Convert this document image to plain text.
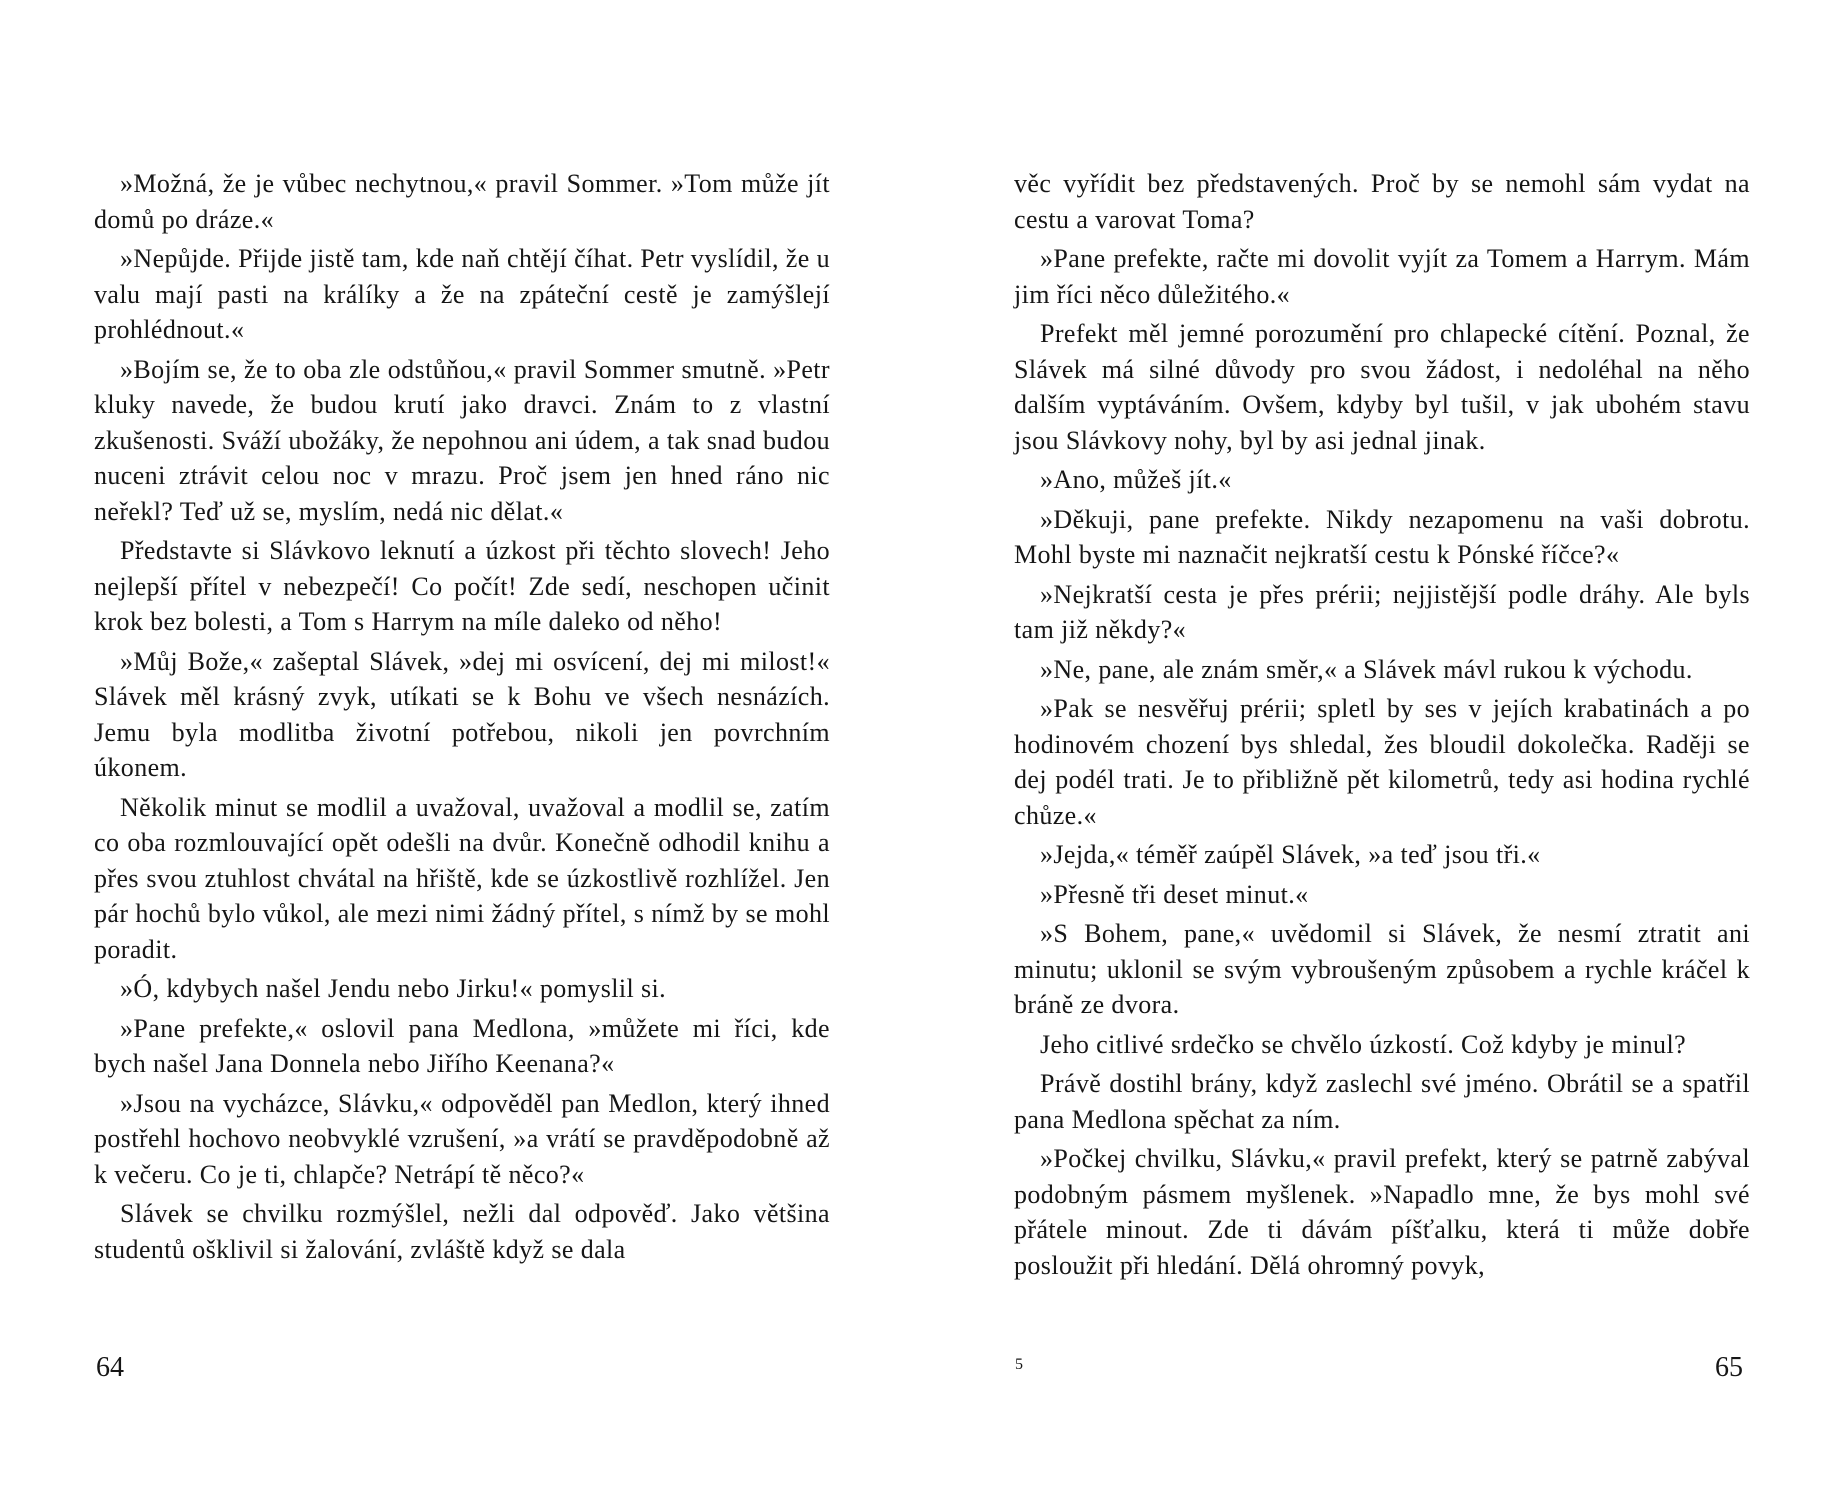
»Možná, že je vůbec nechytnou,« pravil Sommer. »Tom může jít domů po dráze.«

»Nepůjde. Přijde jistě tam, kde naň chtějí číhat. Petr vyslídil, že u valu mají pasti na králíky a že na zpáteční cestě je zamýšlejí prohlédnout.«

»Bojím se, že to oba zle odstůňou,« pravil Sommer smutně. »Petr kluky navede, že budou krutí jako dravci. Znám to z vlastní zkušenosti. Sváží ubožáky, že nepohnou ani údem, a tak snad budou nuceni ztrávit celou noc v mrazu. Proč jsem jen hned ráno nic neřekl? Teď už se, myslím, nedá nic dělat.«

Představte si Slávkovo leknutí a úzkost při těchto slovech! Jeho nejlepší přítel v nebezpečí! Co počít! Zde sedí, neschopen učinit krok bez bolesti, a Tom s Harrym na míle daleko od něho!

»Můj Bože,« zašeptal Slávek, »dej mi osvícení, dej mi milost!« Slávek měl krásný zvyk, utíkati se k Bohu ve všech nesnázích. Jemu byla modlitba životní potřebou, nikoli jen povrchním úkonem.

Několik minut se modlil a uvažoval, uvažoval a modlil se, zatím co oba rozmlouvající opět odešli na dvůr. Konečně odhodil knihu a přes svou ztuhlost chvátal na hřiště, kde se úzkostlivě rozhlížel. Jen pár hochů bylo vůkol, ale mezi nimi žádný přítel, s nímž by se mohl poradit.

»Ó, kdybych našel Jendu nebo Jirku!« pomyslil si.

»Pane prefekte,« oslovil pana Medlona, »můžete mi říci, kde bych našel Jana Donnela nebo Jiřího Keenana?«

»Jsou na vycházce, Slávku,« odpověděl pan Medlon, který ihned postřehl hochovo neobvyklé vzrušení, »a vrátí se pravděpodobně až k večeru. Co je ti, chlapče? Netrápí tě něco?«

Slávek se chvilku rozmýšlel, nežli dal odpověď. Jako většina studentů ošklivil si žalování, zvláště když se dala

64

věc vyřídit bez představených. Proč by se nemohl sám vydat na cestu a varovat Toma?

»Pane prefekte, račte mi dovolit vyjít za Tomem a Harrym. Mám jim říci něco důležitého.«

Prefekt měl jemné porozumění pro chlapecké cítění. Poznal, že Slávek má silné důvody pro svou žádost, i nedoléhal na něho dalším vyptáváním. Ovšem, kdyby byl tušil, v jak ubohém stavu jsou Slávkovy nohy, byl by asi jednal jinak.

»Ano, můžeš jít.«

»Děkuji, pane prefekte. Nikdy nezapomenu na vaši dobrotu. Mohl byste mi naznačit nejkratší cestu k Pónské říčce?«

»Nejkratší cesta je přes prérii; nejjistější podle dráhy. Ale byls tam již někdy?«

»Ne, pane, ale znám směr,« a Slávek mávl rukou k východu.

»Pak se nesvěřuj prérii; spletl by ses v jejích krabatinách a po hodinovém chození bys shledal, žes bloudil dokolečka. Raději se dej podél trati. Je to přibližně pět kilometrů, tedy asi hodina rychlé chůze.«

»Jejda,« téměř zaúpěl Slávek, »a teď jsou tři.«

»Přesně tři deset minut.«

»S Bohem, pane,« uvědomil si Slávek, že nesmí ztratit ani minutu; uklonil se svým vybroušeným způsobem a rychle kráčel k bráně ze dvora.

Jeho citlivé srdečko se chvělo úzkostí. Což kdyby je minul?

Právě dostihl brány, když zaslechl své jméno. Obrátil se a spatřil pana Medlona spěchat za ním.

»Počkej chvilku, Slávku,« pravil prefekt, který se patrně zabýval podobným pásmem myšlenek. »Napadlo mne, že bys mohl své přátele minout. Zde ti dávám píšťalku, která ti může dobře posloužit při hledání. Dělá ohromný povyk,

5	65
